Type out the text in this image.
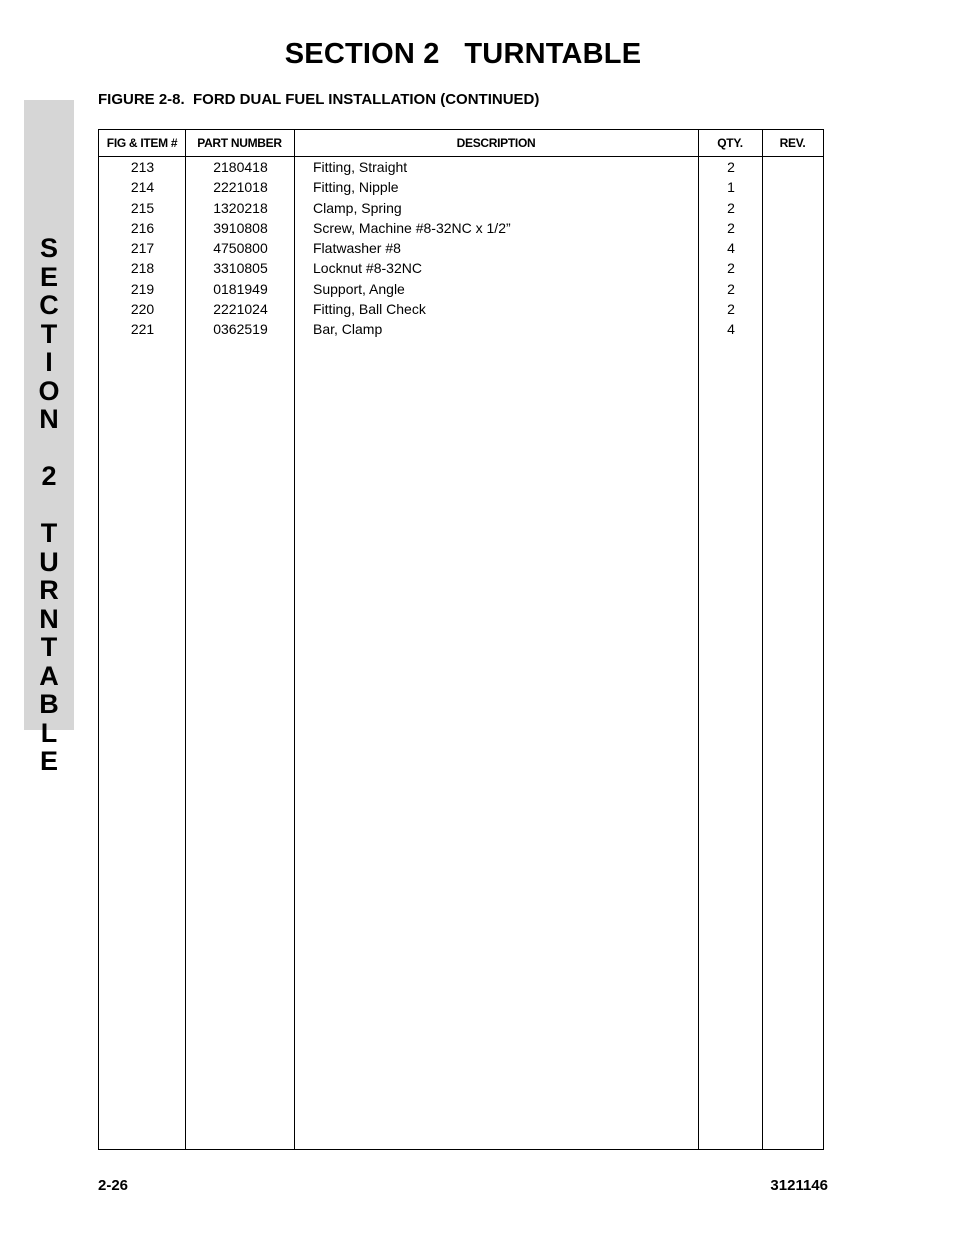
SECTION 2   TURNTABLE
S
E
C
T
I
O
N
2
T
U
R
N
T
A
B
L
E
FIGURE 2-8.  FORD DUAL FUEL INSTALLATION (CONTINUED)
FIG & ITEM #	PART NUMBER	DESCRIPTION	QTY.	REV.
213	2180418	Fitting, Straight	2
214	2221018	Fitting, Nipple	1
215	1320218	Clamp, Spring	2
216	3910808	Screw, Machine #8-32NC x 1/2”	2
217	4750800	Flatwasher #8	4
218	3310805	Locknut #8-32NC	2
219	0181949	Support, Angle	2
220	2221024	Fitting, Ball Check	2
221	0362519	Bar, Clamp	4
2-26	3121146
